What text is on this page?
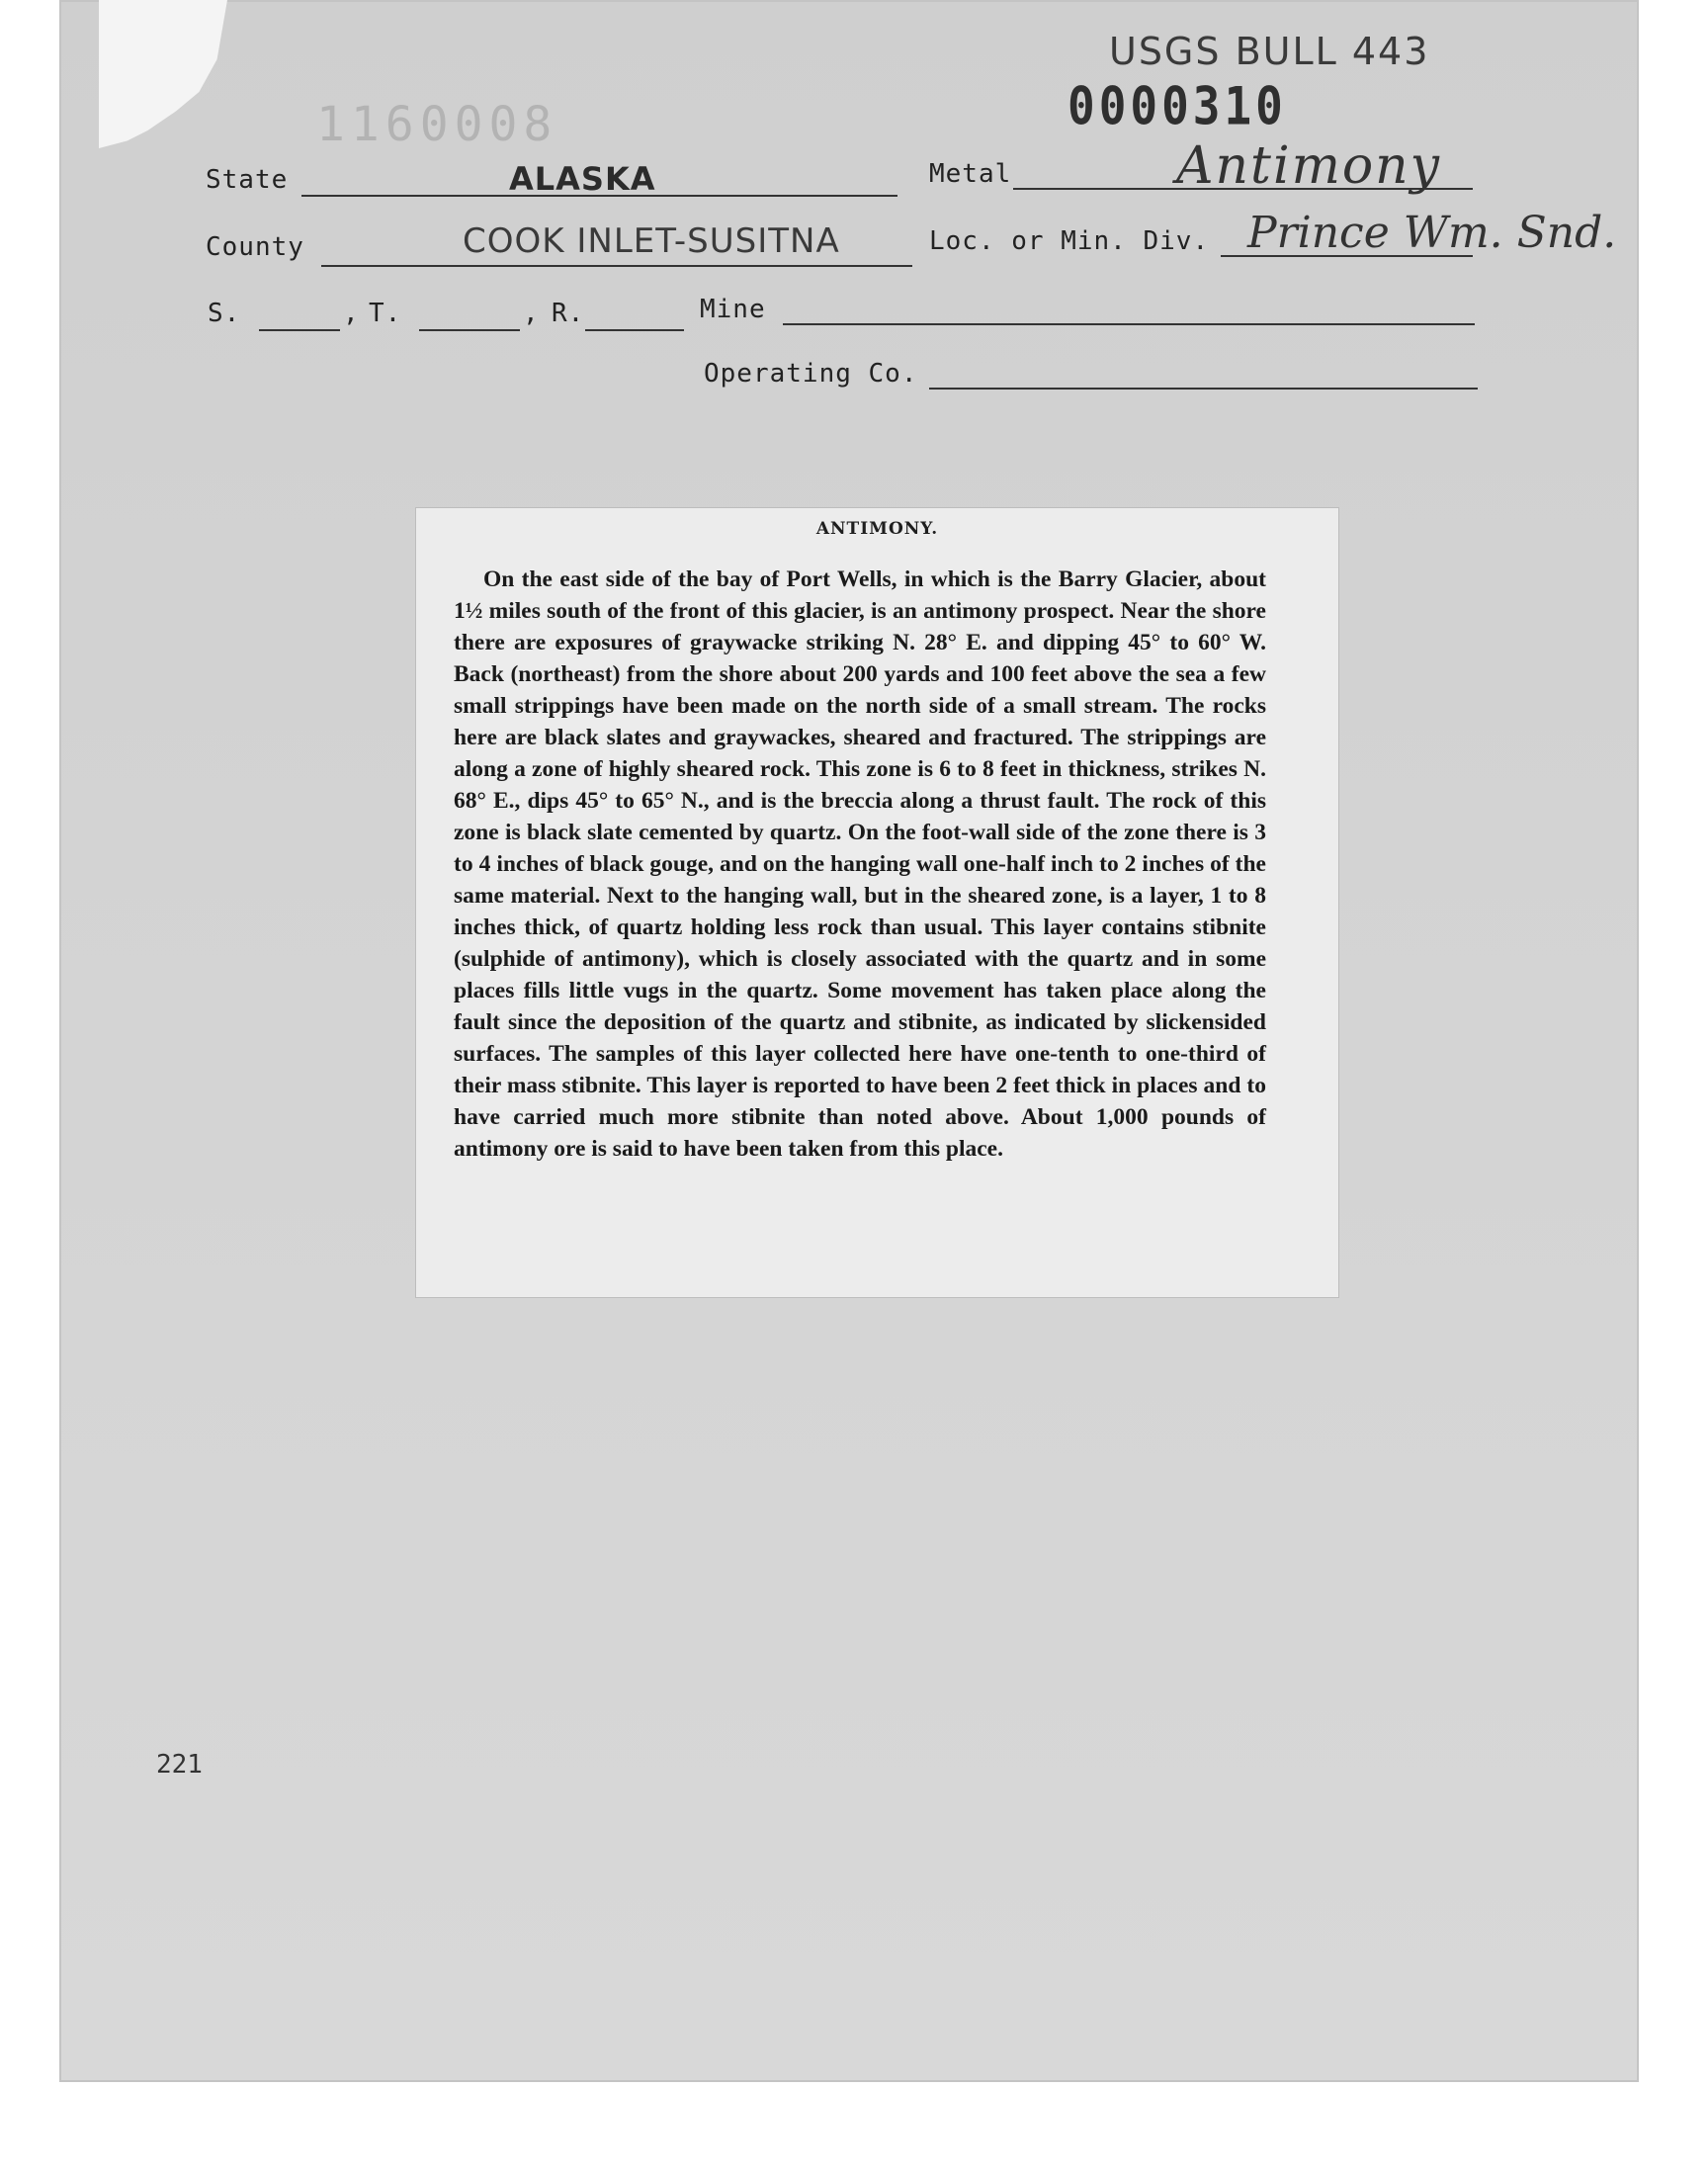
USGS BULL 443
0000310
1160008
State	ALASKA	Metal	Antimony
County	COOK INLET-SUSITNA	Loc. or Min. Div. Prince Wm. Snd.
S.	, T.	, R.	Mine
Operating Co.
ANTIMONY.

On the east side of the bay of Port Wells, in which is the Barry Glacier, about 1½ miles south of the front of this glacier, is an antimony prospect. Near the shore there are exposures of graywacke striking N. 28° E. and dipping 45° to 60° W. Back (northeast) from the shore about 200 yards and 100 feet above the sea a few small strippings have been made on the north side of a small stream. The rocks here are black slates and graywackes, sheared and fractured. The strippings are along a zone of highly sheared rock. This zone is 6 to 8 feet in thickness, strikes N. 68° E., dips 45° to 65° N., and is the breccia along a thrust fault. The rock of this zone is black slate cemented by quartz. On the foot-wall side of the zone there is 3 to 4 inches of black gouge, and on the hanging wall one-half inch to 2 inches of the same material. Next to the hanging wall, but in the sheared zone, is a layer, 1 to 8 inches thick, of quartz holding less rock than usual. This layer contains stibnite (sulphide of antimony), which is closely associated with the quartz and in some places fills little vugs in the quartz. Some movement has taken place along the fault since the deposition of the quartz and stibnite, as indicated by slickensided surfaces. The samples of this layer collected here have one-tenth to one-third of their mass stibnite. This layer is reported to have been 2 feet thick in places and to have carried much more stibnite than noted above. About 1,000 pounds of antimony ore is said to have been taken from this place.

221
